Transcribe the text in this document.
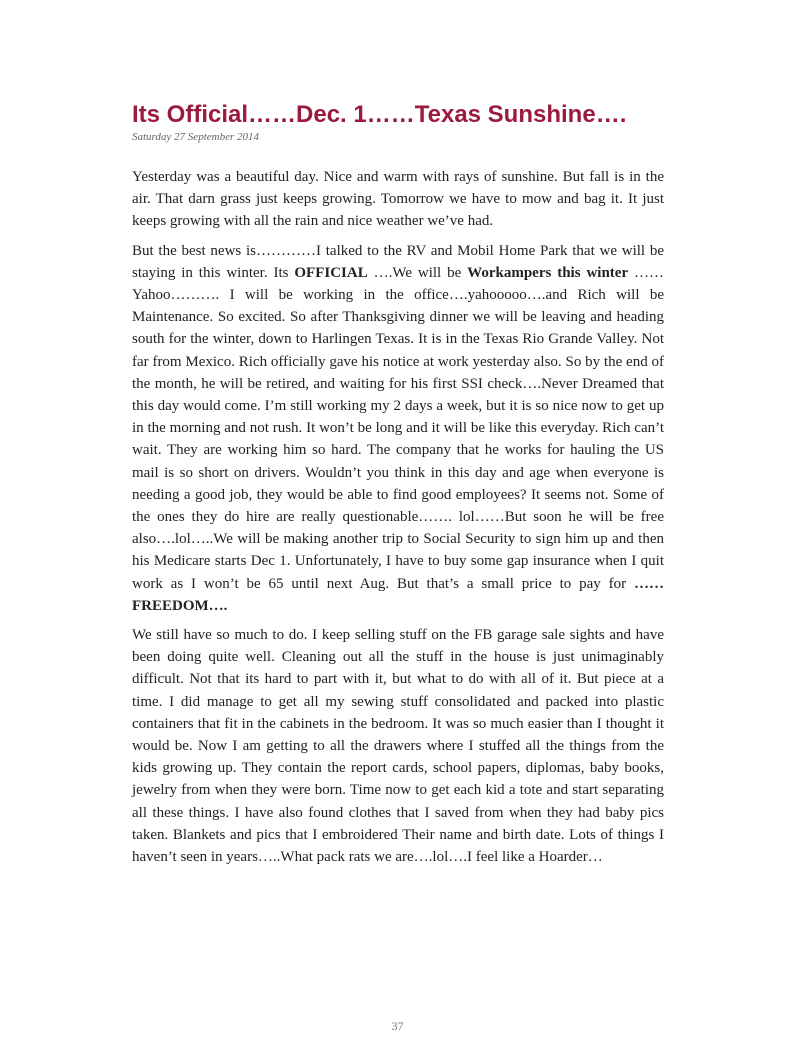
Its Official……Dec. 1……Texas Sunshine….
Saturday 27 September 2014

Yesterday was a beautiful day. Nice and warm with rays of sunshine. But fall is in the air. That darn grass just keeps growing. Tomorrow we have to mow and bag it. It just keeps growing with all the rain and nice weather we’ve had.

But the best news is…………I talked to the RV and Mobil Home Park that we will be staying in this winter. Its OFFICIAL ….We will be Workampers this winter ……Yahoo………. I will be working in the office….yahooooo….and Rich will be Maintenance. So excited. So after Thanksgiving dinner we will be leaving and heading south for the winter, down to Harlingen Texas. It is in the Texas Rio Grande Valley. Not far from Mexico. Rich officially gave his notice at work yesterday also. So by the end of the month, he will be retired, and waiting for his first SSI check….Never Dreamed that this day would come. I’m still working my 2 days a week, but it is so nice now to get up in the morning and not rush. It won’t be long and it will be like this everyday. Rich can’t wait. They are working him so hard. The company that he works for hauling the US mail is so short on drivers. Wouldn’t you think in this day and age when everyone is needing a good job, they would be able to find good employees? It seems not. Some of the ones they do hire are really questionable……. lol……But soon he will be free also….lol…..We will be making another trip to Social Security to sign him up and then his Medicare starts Dec 1. Unfortunately, I have to buy some gap insurance when I quit work as I won’t be 65 until next Aug. But that’s a small price to pay for ……FREEDOM….

We still have so much to do. I keep selling stuff on the FB garage sale sights and have been doing quite well. Cleaning out all the stuff in the house is just unimaginably difficult. Not that its hard to part with it, but what to do with all of it. But piece at a time. I did manage to get all my sewing stuff consolidated and packed into plastic containers that fit in the cabinets in the bedroom. It was so much easier than I thought it would be. Now I am getting to all the drawers where I stuffed all the things from the kids growing up. They contain the report cards, school papers, diplomas, baby books, jewelry from when they were born. Time now to get each kid a tote and start separating all these things. I have also found clothes that I saved from when they had baby pics taken. Blankets and pics that I embroidered Their name and birth date. Lots of things I haven’t seen in years…..What pack rats we are….lol….I feel like a Hoarder…

37
